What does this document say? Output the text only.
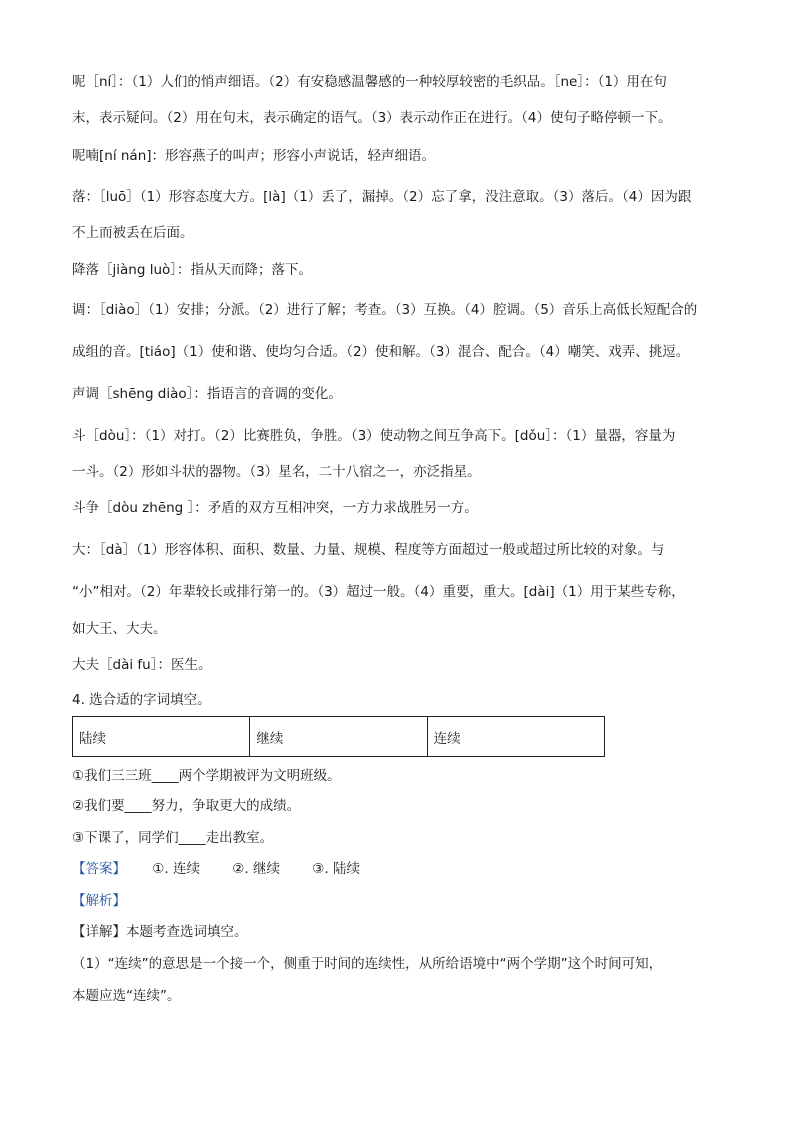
呢［ní］：（1）人们的悄声细语。（2）有安稳感温馨感的一种较厚较密的毛织品。［ne］：（1）用在句
末，表示疑问。（2）用在句末，表示确定的语气。（3）表示动作正在进行。（4）使句子略停顿一下。
呢喃[ní nán]：形容燕子的叫声；形容小声说话，轻声细语。
落：［luō］（1）形容态度大方。[là]（1）丢了，漏掉。（2）忘了拿，没注意取。（3）落后。（4）因为跟
不上而被丢在后面。
降落［jiàng luò］：指从天而降；落下。
调：［diào］（1）安排；分派。（2）进行了解；考查。（3）互换。（4）腔调。（5）音乐上高低长短配合的
成组的音。[tiáo]（1）使和谐、使均匀合适。（2）使和解。（3）混合、配合。（4）嘲笑、戏弄、挑逗。
声调［shēng diào］：指语言的音调的变化。
斗［dòu］：（1）对打。（2）比赛胜负，争胜。（3）使动物之间互争高下。[dǒu］：（1）量器，容量为
一斗。（2）形如斗状的器物。（3）星名，二十八宿之一，亦泛指星。
斗争［dòu zhēng ］：矛盾的双方互相冲突，一方力求战胜另一方。
大：［dà］（1）形容体积、面积、数量、力量、规模、程度等方面超过一般或超过所比较的对象。与
“小”相对。（2）年辈较长或排行第一的。（3）超过一般。（4）重要，重大。[dài]（1）用于某些专称，
如大王、大夫。
大夫［dài fu］：医生。
4. 选合适的字词填空。
陆续	继续	连续
①我们三三班____两个学期被评为文明班级。
②我们要____努力，争取更大的成绩。
③下课了，同学们____走出教室。
【答案】 ①. 连续 ②. 继续 ③. 陆续
【解析】
【详解】本题考查选词填空。
（1）“连续”的意思是一个接一个，侧重于时间的连续性，从所给语境中“两个学期”这个时间可知，
本题应选“连续”。
